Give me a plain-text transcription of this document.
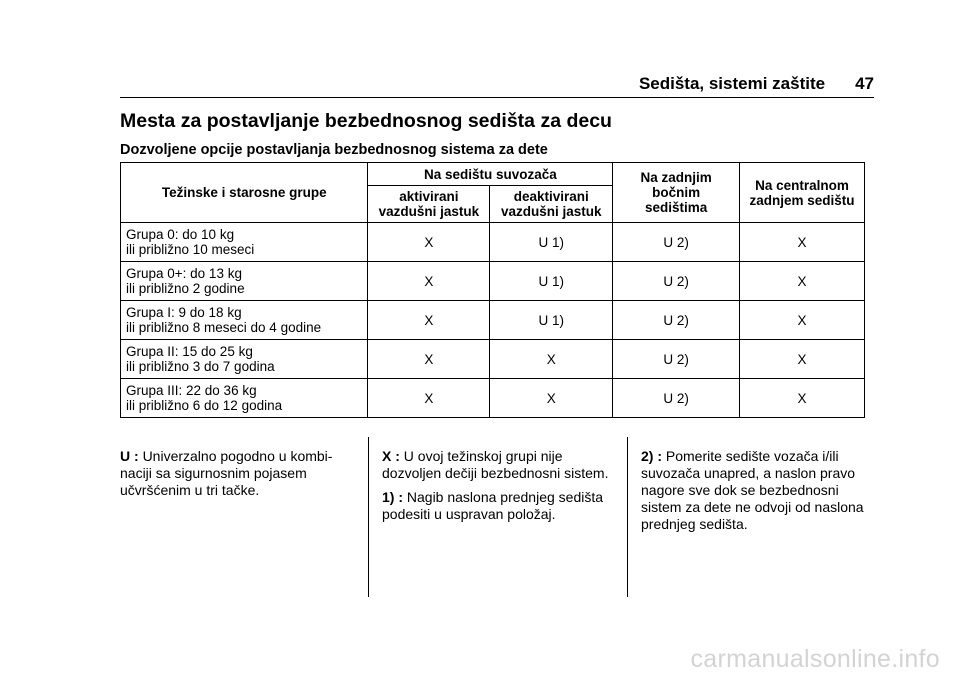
Sedišta, sistemi zaštite 47
Mesta za postavljanje bezbednosnog sedišta za decu
Dozvoljene opcije postavljanja bezbednosnog sistema za dete
Težinske i starosne grupe	Na sedištu suvozača		Na zadnjim bočnim sedištima	Na centralnom zadnjem sedištu
	aktivirani vazdušni jastuk	deaktivirani vazdušni jastuk		
Grupa 0: do 10 kg
ili približno 10 meseci	X	U 1)	U 2)	X
Grupa 0+: do 13 kg
ili približno 2 godine	X	U 1)	U 2)	X
Grupa I: 9 do 18 kg
ili približno 8 meseci do 4 godine	X	U 1)	U 2)	X
Grupa II: 15 do 25 kg
ili približno 3 do 7 godina	X	X	U 2)	X
Grupa III: 22 do 36 kg
ili približno 6 do 12 godina	X	X	U 2)	X

U : Univerzalno pogodno u kombinaciji sa sigurnosnim pojasem učvršćenim u tri tačke.

X : U ovoj težinskoj grupi nije dozvoljen dečiji bezbednosni sistem.

1) : Nagib naslona prednjeg sedišta podesiti u uspravan položaj.

2) : Pomerite sedište vozača i/ili suvozača unapred, a naslon pravo nagore sve dok se bezbednosni sistem za dete ne odvoji od naslona prednjeg sedišta.

carmanualsonline.info
